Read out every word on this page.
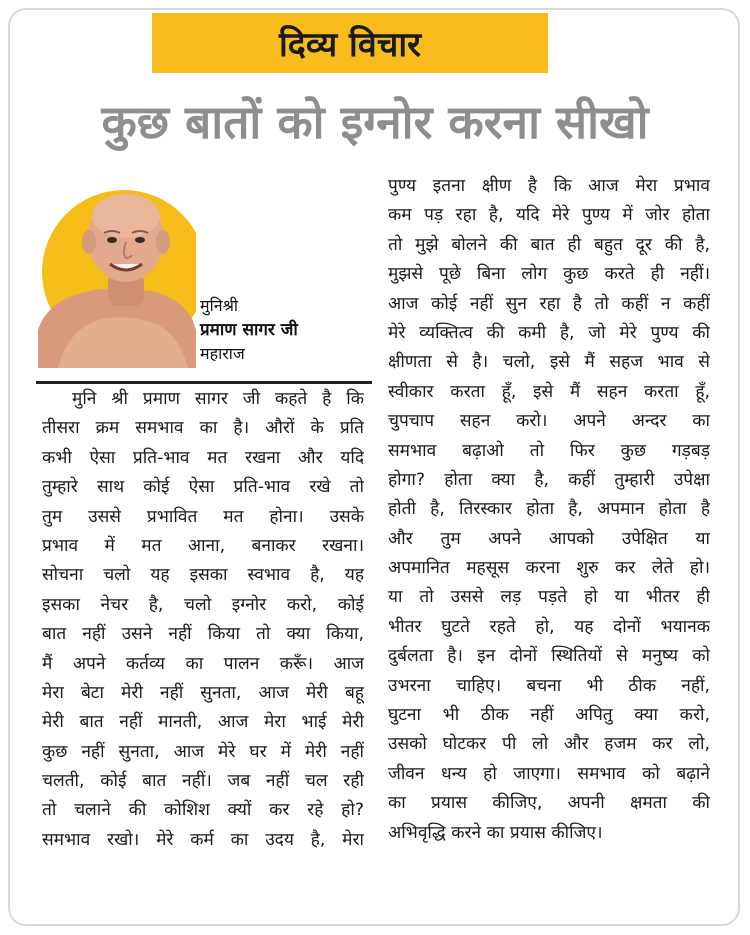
दिव्य विचार
कुछ बातों को इग्नोर करना सीखो
मुनिश्री
प्रमाण सागर जी
महाराज
मुनि श्री प्रमाण सागर जी कहते है कि
तीसरा क्रम समभाव का है। औरों के प्रति
कभी ऐसा प्रति-भाव मत रखना और यदि
तुम्हारे साथ कोई ऐसा प्रति-भाव रखे तो
तुम उससे प्रभावित मत होना। उसके
प्रभाव में मत आना, बनाकर रखना।
सोचना चलो यह इसका स्वभाव है, यह
इसका नेचर है, चलो इग्नोर करो, कोई
बात नहीं उसने नहीं किया तो क्या किया,
मैं अपने कर्तव्य का पालन करूँ। आज
मेरा बेटा मेरी नहीं सुनता, आज मेरी बहू
मेरी बात नहीं मानती, आज मेरा भाई मेरी
कुछ नहीं सुनता, आज मेरे घर में मेरी नहीं
चलती, कोई बात नहीं। जब नहीं चल रही
तो चलाने की कोशिश क्यों कर रहे हो?
समभाव रखो। मेरे कर्म का उदय है, मेरा
पुण्य इतना क्षीण है कि आज मेरा प्रभाव
कम पड़ रहा है, यदि मेरे पुण्य में जोर होता
तो मुझे बोलने की बात ही बहुत दूर की है,
मुझसे पूछे बिना लोग कुछ करते ही नहीं।
आज कोई नहीं सुन रहा है तो कहीं न कहीं
मेरे व्यक्तित्व की कमी है, जो मेरे पुण्य की
क्षीणता से है। चलो, इसे मैं सहज भाव से
स्वीकार करता हूँ, इसे मैं सहन करता हूँ,
चुपचाप सहन करो। अपने अन्दर का
समभाव बढ़ाओ तो फिर कुछ गड़बड़
होगा? होता क्या है, कहीं तुम्हारी उपेक्षा
होती है, तिरस्कार होता है, अपमान होता है
और तुम अपने आपको उपेक्षित या
अपमानित महसूस करना शुरु कर लेते हो।
या तो उससे लड़ पड़ते हो या भीतर ही
भीतर घुटते रहते हो, यह दोनों भयानक
दुर्बलता है। इन दोनों स्थितियों से मनुष्य को
उभरना चाहिए। बचना भी ठीक नहीं,
घुटना भी ठीक नहीं अपितु क्या करो,
उसको घोटकर पी लो और हजम कर लो,
जीवन धन्य हो जाएगा। समभाव को बढ़ाने
का प्रयास कीजिए, अपनी क्षमता की
अभिवृद्धि करने का प्रयास कीजिए।
